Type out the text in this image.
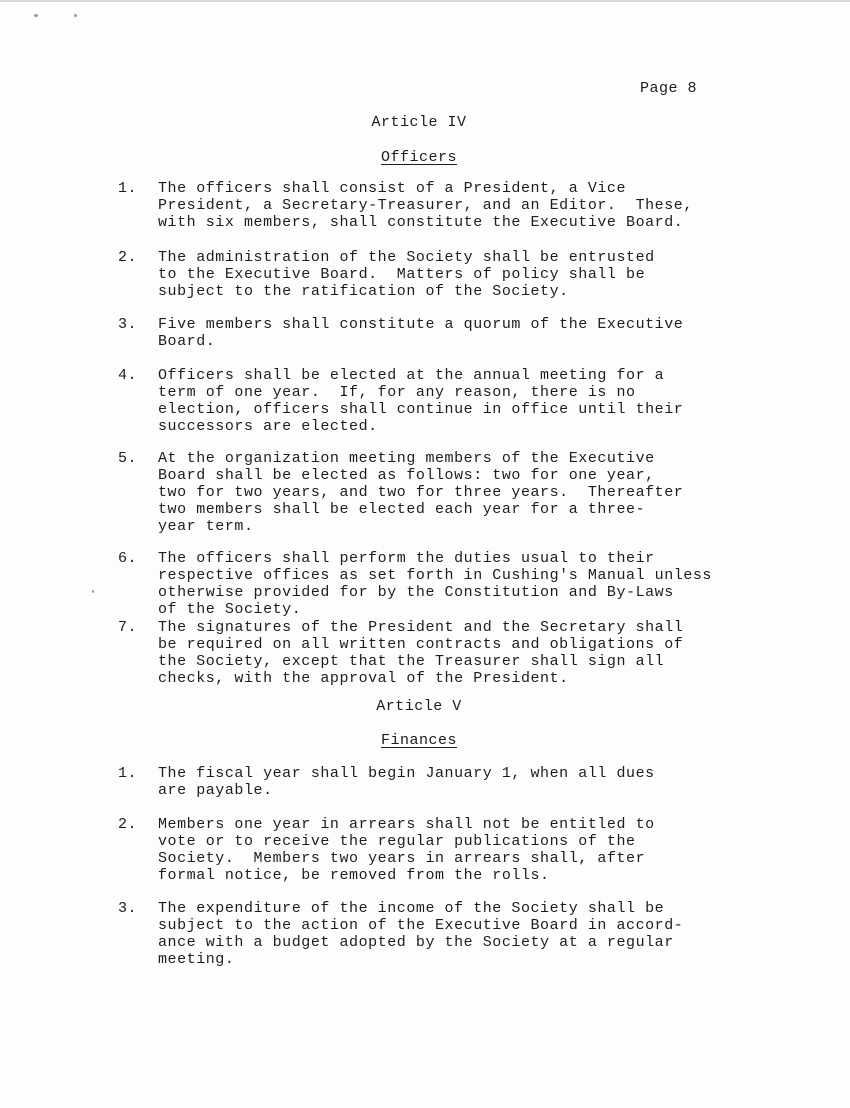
Page 8
Article IV
Officers
1. The officers shall consist of a President, a Vice
President, a Secretary-Treasurer, and an Editor.  These,
with six members, shall constitute the Executive Board.
2. The administration of the Society shall be entrusted
to the Executive Board.  Matters of policy shall be
subject to the ratification of the Society.
3. Five members shall constitute a quorum of the Executive
Board.
4. Officers shall be elected at the annual meeting for a
term of one year.  If, for any reason, there is no
election, officers shall continue in office until their
successors are elected.
5. At the organization meeting members of the Executive
Board shall be elected as follows: two for one year,
two for two years, and two for three years.  Thereafter
two members shall be elected each year for a three-
year term.
6. The officers shall perform the duties usual to their
respective offices as set forth in Cushing's Manual unless
otherwise provided for by the Constitution and By-Laws
of the Society.
7. The signatures of the President and the Secretary shall
be required on all written contracts and obligations of
the Society, except that the Treasurer shall sign all
checks, with the approval of the President.
Article V
Finances
1. The fiscal year shall begin January 1, when all dues
are payable.
2. Members one year in arrears shall not be entitled to
vote or to receive the regular publications of the
Society.  Members two years in arrears shall, after
formal notice, be removed from the rolls.
3. The expenditure of the income of the Society shall be
subject to the action of the Executive Board in accord-
ance with a budget adopted by the Society at a regular
meeting.
